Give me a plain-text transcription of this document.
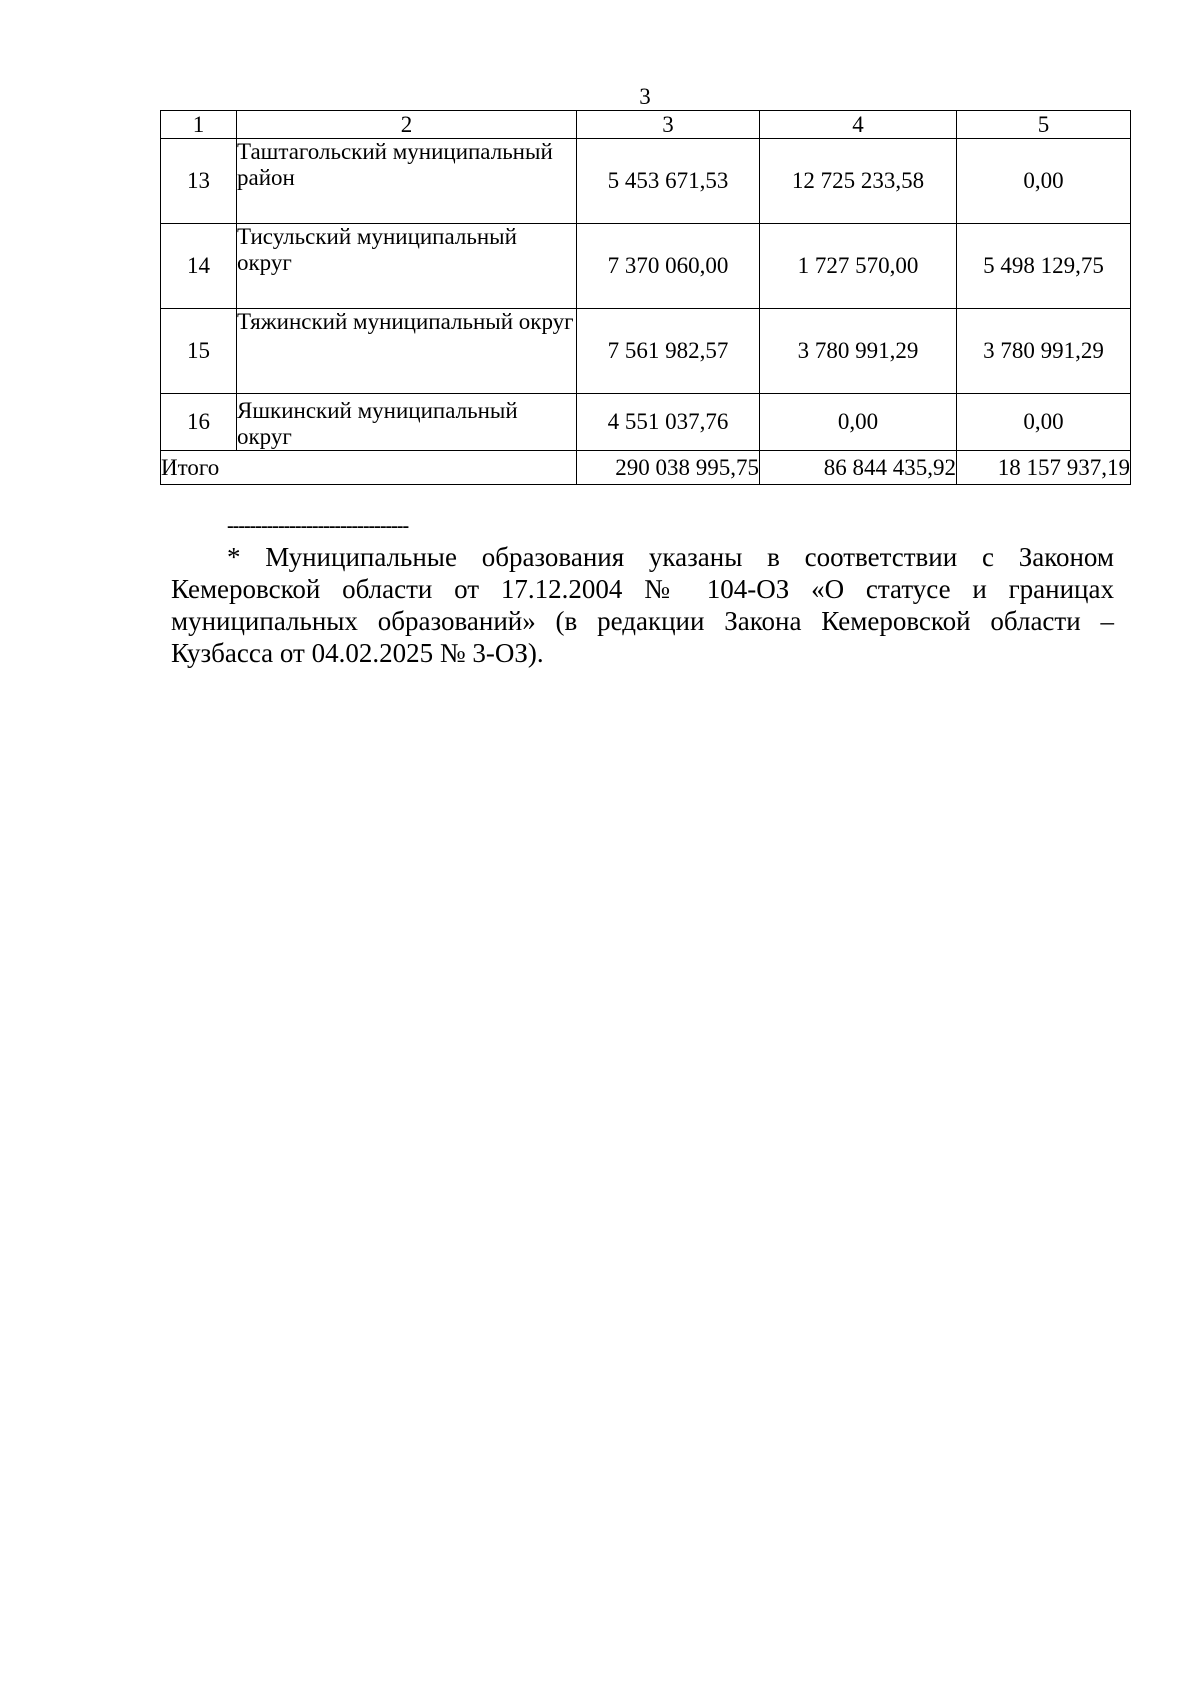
3
1	2	3	4	5
13	Таштагольский муниципальный район	5 453 671,53	12 725 233,58	0,00
14	Тисульский муниципальный округ	7 370 060,00	1 727 570,00	5 498 129,75
15	Тяжинский муниципальный округ	7 561 982,57	3 780 991,29	3 780 991,29
16	Яшкинский муниципальный округ	4 551 037,76	0,00	0,00
Итого		290 038 995,75	86 844 435,92	18 157 937,19
--------------------------------
* Муниципальные образования указаны в соответствии с Законом Кемеровской области от 17.12.2004 № 104-ОЗ «О статусе и границах муниципальных образований» (в редакции Закона Кемеровской области – Кузбасса от 04.02.2025 № 3-ОЗ).
